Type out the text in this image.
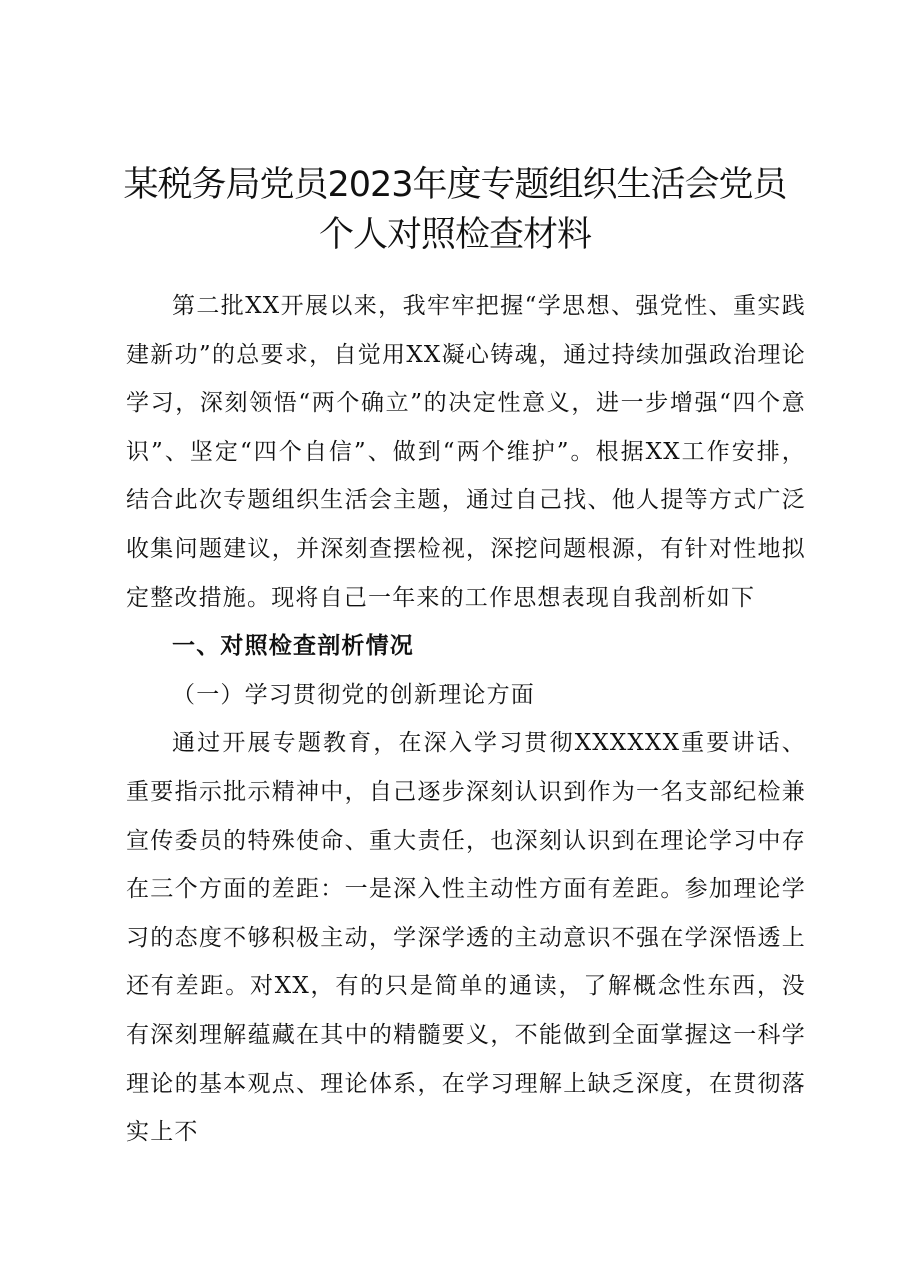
某税务局党员2023年度专题组织生活会党员个人对照检查材料

第二批XX开展以来，我牢牢把握“学思想、强党性、重实践建新功”的总要求，自觉用XX凝心铸魂，通过持续加强政治理论学习，深刻领悟“两个确立”的决定性意义，进一步增强“四个意识”、坚定“四个自信”、做到“两个维护”。根据XX工作安排，结合此次专题组织生活会主题，通过自己找、他人提等方式广泛收集问题建议，并深刻查摆检视，深挖问题根源，有针对性地拟定整改措施。现将自己一年来的工作思想表现自我剖析如下

一、对照检查剖析情况
（一）学习贯彻党的创新理论方面

通过开展专题教育，在深入学习贯彻XXXXXX重要讲话、重要指示批示精神中，自己逐步深刻认识到作为一名支部纪检兼宣传委员的特殊使命、重大责任，也深刻认识到在理论学习中存在三个方面的差距：一是深入性主动性方面有差距。参加理论学习的态度不够积极主动，学深学透的主动意识不强在学深悟透上还有差距。对XX，有的只是简单的通读，了解概念性东西，没有深刻理解蕴藏在其中的精髓要义，不能做到全面掌握这一科学理论的基本观点、理论体系，在学习理解上缺乏深度，在贯彻落实上不
